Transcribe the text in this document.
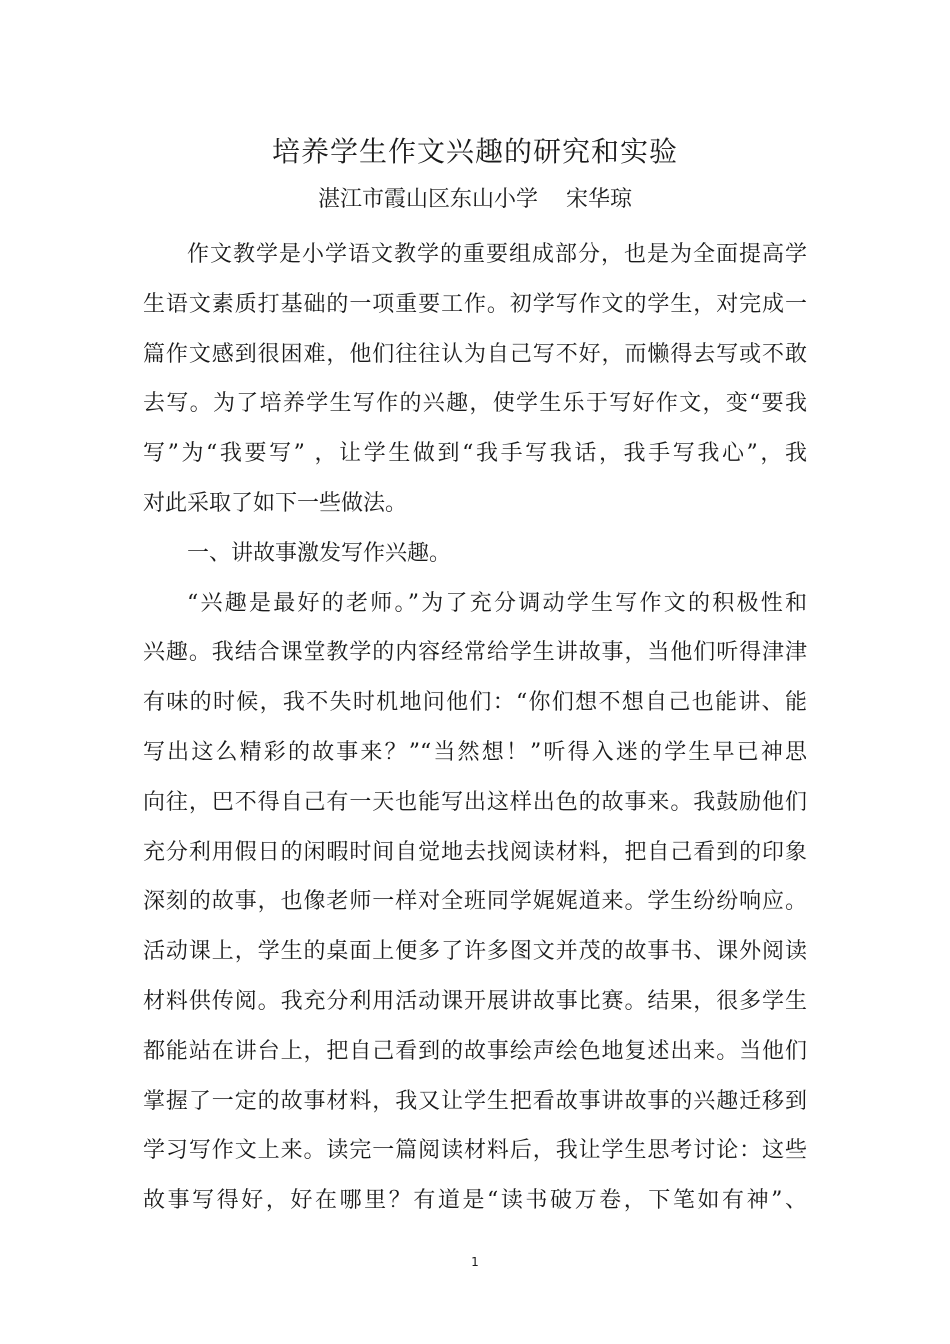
培养学生作文兴趣的研究和实验
湛江市霞山区东山小学    宋华琼
作文教学是小学语文教学的重要组成部分，也是为全面提高学
生语文素质打基础的一项重要工作。初学写作文的学生，对完成一
篇作文感到很困难，他们往往认为自己写不好，而懒得去写或不敢
去写。为了培养学生写作的兴趣，使学生乐于写好作文，变“要我
写”为“我要写” ，让学生做到“我手写我话，我手写我心”，我
对此采取了如下一些做法。
一、讲故事激发写作兴趣。
“兴趣是最好的老师。”为了充分调动学生写作文的积极性和
兴趣。我结合课堂教学的内容经常给学生讲故事，当他们听得津津
有味的时候，我不失时机地问他们：“你们想不想自己也能讲、能
写出这么精彩的故事来？”“当然想！”听得入迷的学生早已神思
向往，巴不得自己有一天也能写出这样出色的故事来。我鼓励他们
充分利用假日的闲暇时间自觉地去找阅读材料，把自己看到的印象
深刻的故事，也像老师一样对全班同学娓娓道来。学生纷纷响应。
活动课上，学生的桌面上便多了许多图文并茂的故事书、课外阅读
材料供传阅。我充分利用活动课开展讲故事比赛。结果，很多学生
都能站在讲台上，把自己看到的故事绘声绘色地复述出来。当他们
掌握了一定的故事材料，我又让学生把看故事讲故事的兴趣迁移到
学习写作文上来。读完一篇阅读材料后，我让学生思考讨论：这些
故事写得好，好在哪里？有道是“读书破万卷，下笔如有神”、
1
